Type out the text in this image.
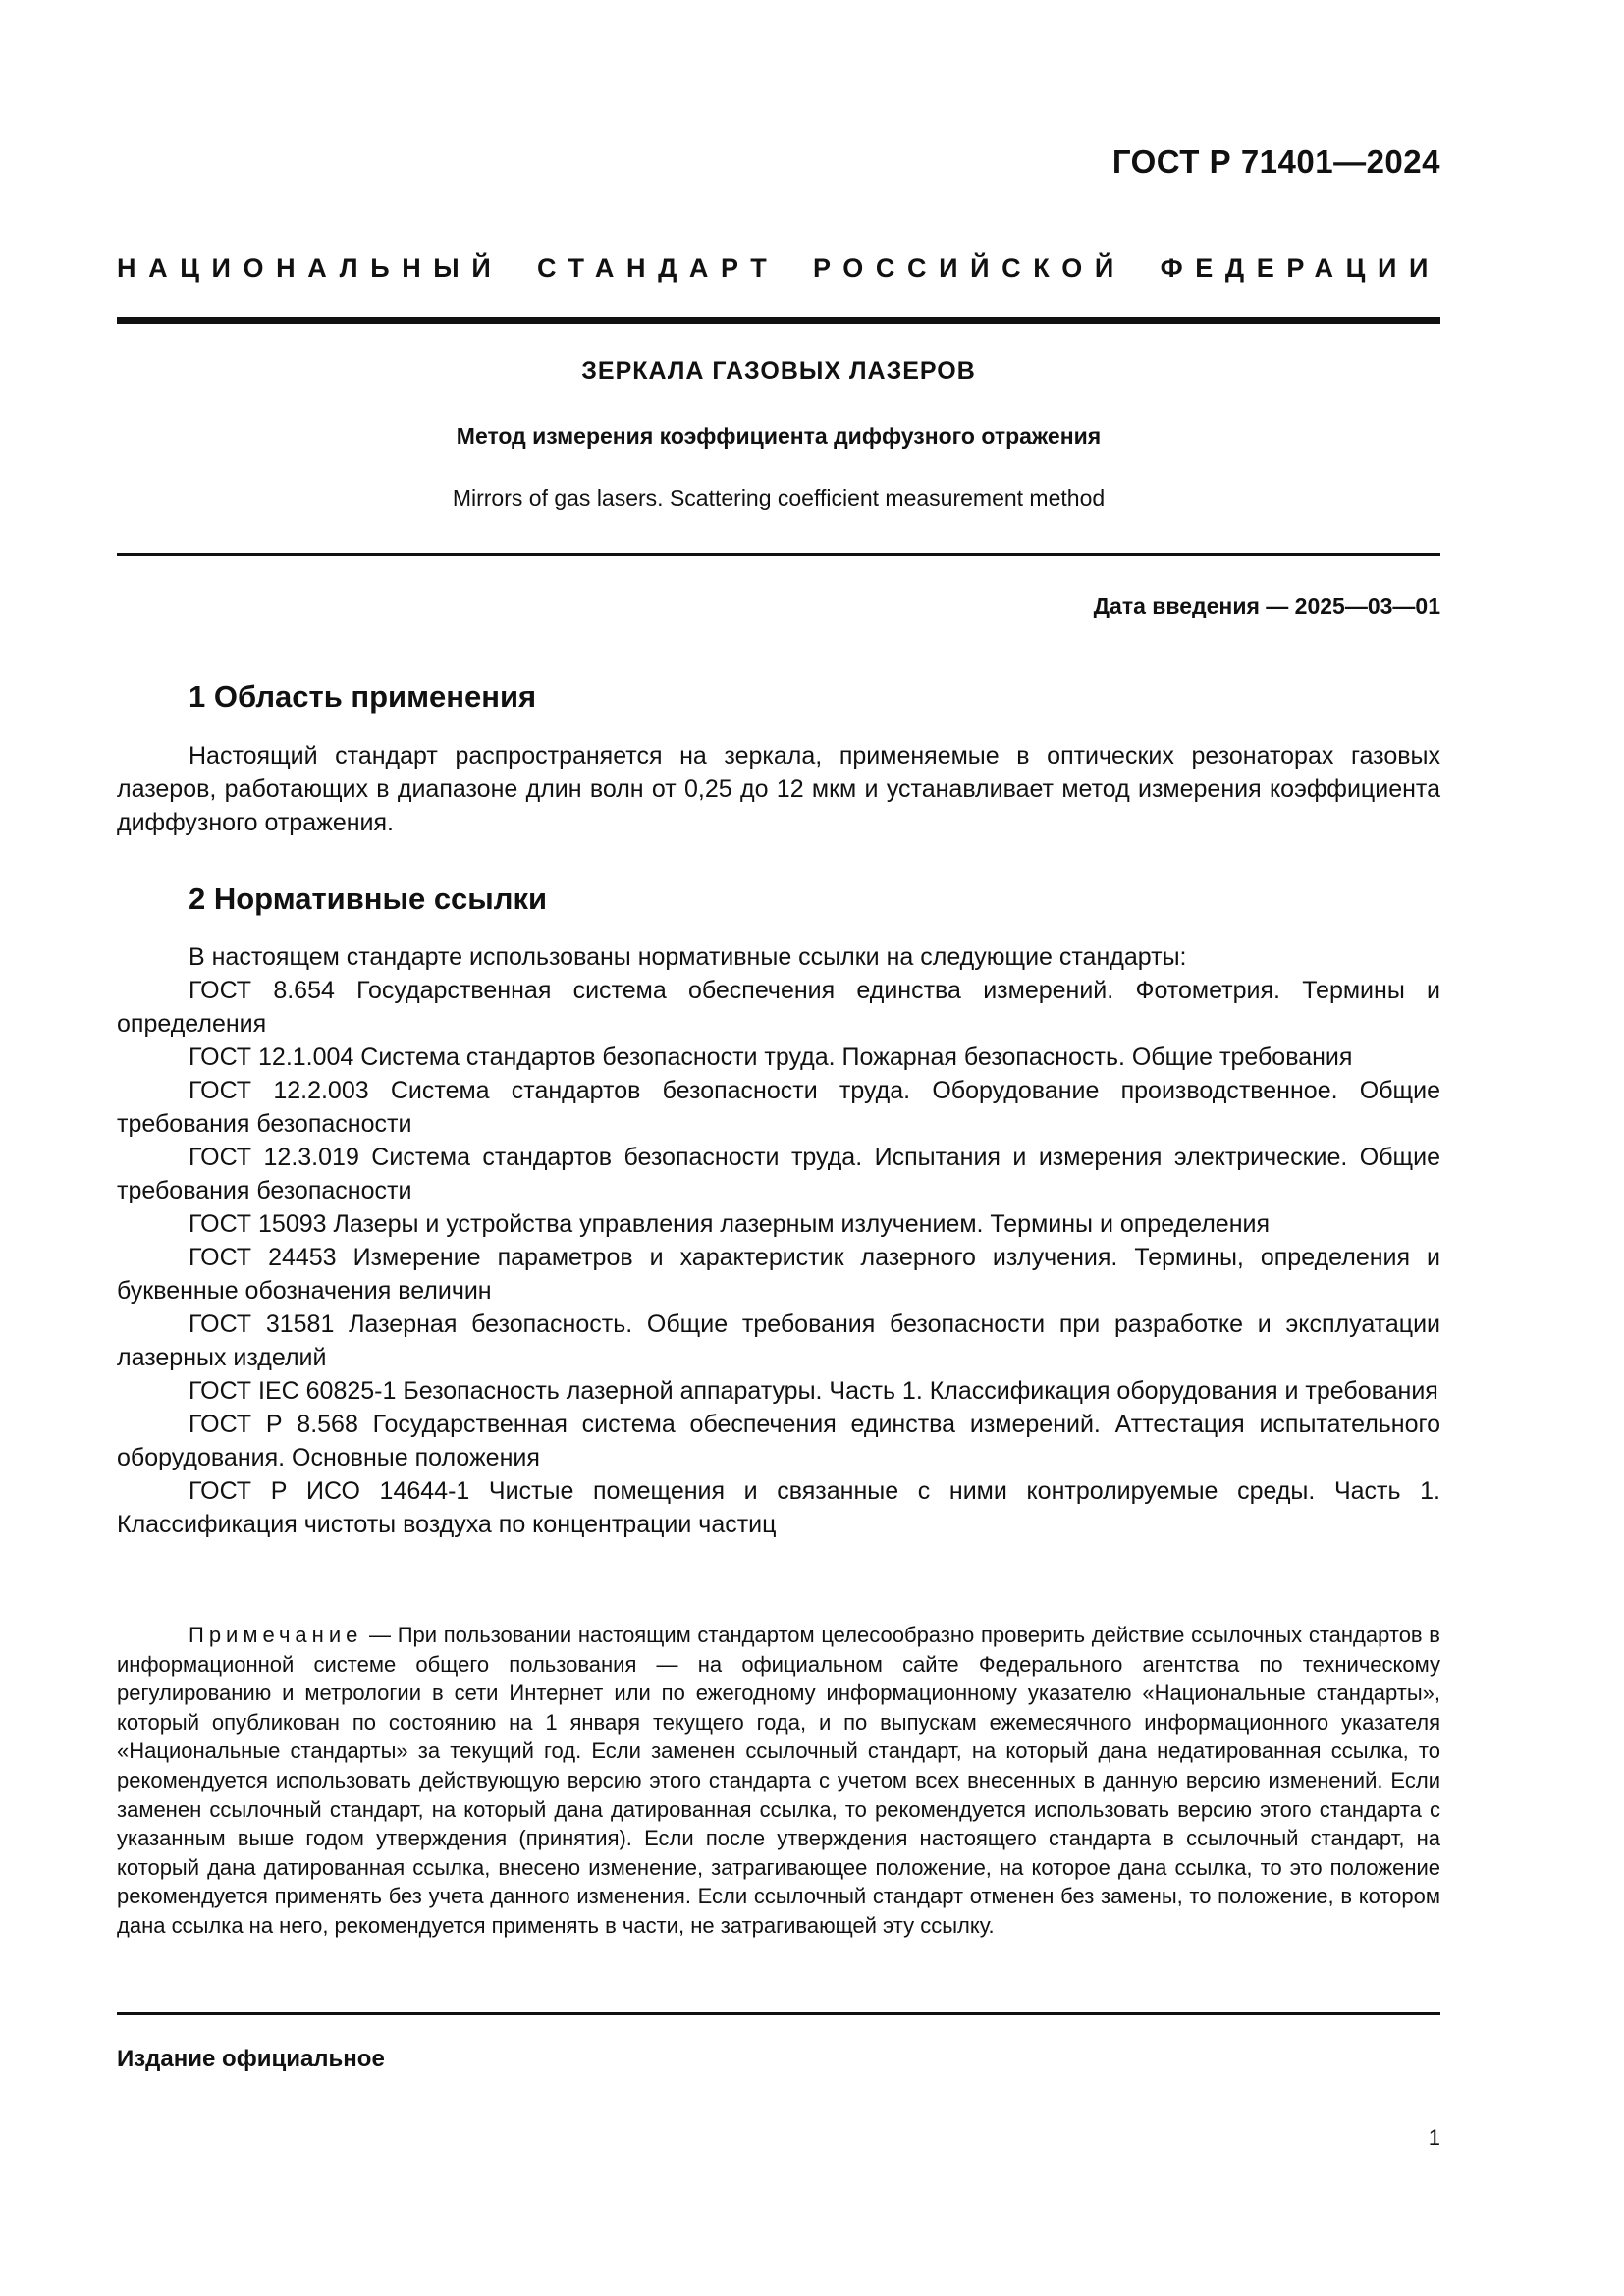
ГОСТ Р 71401—2024
НАЦИОНАЛЬНЫЙ СТАНДАРТ РОССИЙСКОЙ ФЕДЕРАЦИИ
ЗЕРКАЛА ГАЗОВЫХ ЛАЗЕРОВ
Метод измерения коэффициента диффузного отражения
Mirrors of gas lasers. Scattering coefficient measurement method
Дата введения — 2025—03—01
1 Область применения

Настоящий стандарт распространяется на зеркала, применяемые в оптических резонаторах газовых лазеров, работающих в диапазоне длин волн от 0,25 до 12 мкм и устанавливает метод измерения коэффициента диффузного отражения.

2 Нормативные ссылки

В настоящем стандарте использованы нормативные ссылки на следующие стандарты:

ГОСТ 8.654 Государственная система обеспечения единства измерений. Фотометрия. Термины и определения

ГОСТ 12.1.004 Система стандартов безопасности труда. Пожарная безопасность. Общие требования

ГОСТ 12.2.003 Система стандартов безопасности труда. Оборудование производственное. Общие требования безопасности

ГОСТ 12.3.019 Система стандартов безопасности труда. Испытания и измерения электрические. Общие требования безопасности

ГОСТ 15093 Лазеры и устройства управления лазерным излучением. Термины и определения

ГОСТ 24453 Измерение параметров и характеристик лазерного излучения. Термины, определения и буквенные обозначения величин

ГОСТ 31581 Лазерная безопасность. Общие требования безопасности при разработке и эксплуатации лазерных изделий

ГОСТ IEC 60825-1 Безопасность лазерной аппаратуры. Часть 1. Классификация оборудования и требования

ГОСТ Р 8.568 Государственная система обеспечения единства измерений. Аттестация испытательного оборудования. Основные положения

ГОСТ Р ИСО 14644-1 Чистые помещения и связанные с ними контролируемые среды. Часть 1. Классификация чистоты воздуха по концентрации частиц

Примечание — При пользовании настоящим стандартом целесообразно проверить действие ссылочных стандартов в информационной системе общего пользования — на официальном сайте Федерального агентства по техническому регулированию и метрологии в сети Интернет или по ежегодному информационному указателю «Национальные стандарты», который опубликован по состоянию на 1 января текущего года, и по выпускам ежемесячного информационного указателя «Национальные стандарты» за текущий год. Если заменен ссылочный стандарт, на который дана недатированная ссылка, то рекомендуется использовать действующую версию этого стандарта с учетом всех внесенных в данную версию изменений. Если заменен ссылочный стандарт, на который дана датированная ссылка, то рекомендуется использовать версию этого стандарта с указанным выше годом утверждения (принятия). Если после утверждения настоящего стандарта в ссылочный стандарт, на который дана датированная ссылка, внесено изменение, затрагивающее положение, на которое дана ссылка, то это положение рекомендуется применять без учета данного изменения. Если ссылочный стандарт отменен без замены, то положение, в котором дана ссылка на него, рекомендуется применять в части, не затрагивающей эту ссылку.

Издание официальное
1
